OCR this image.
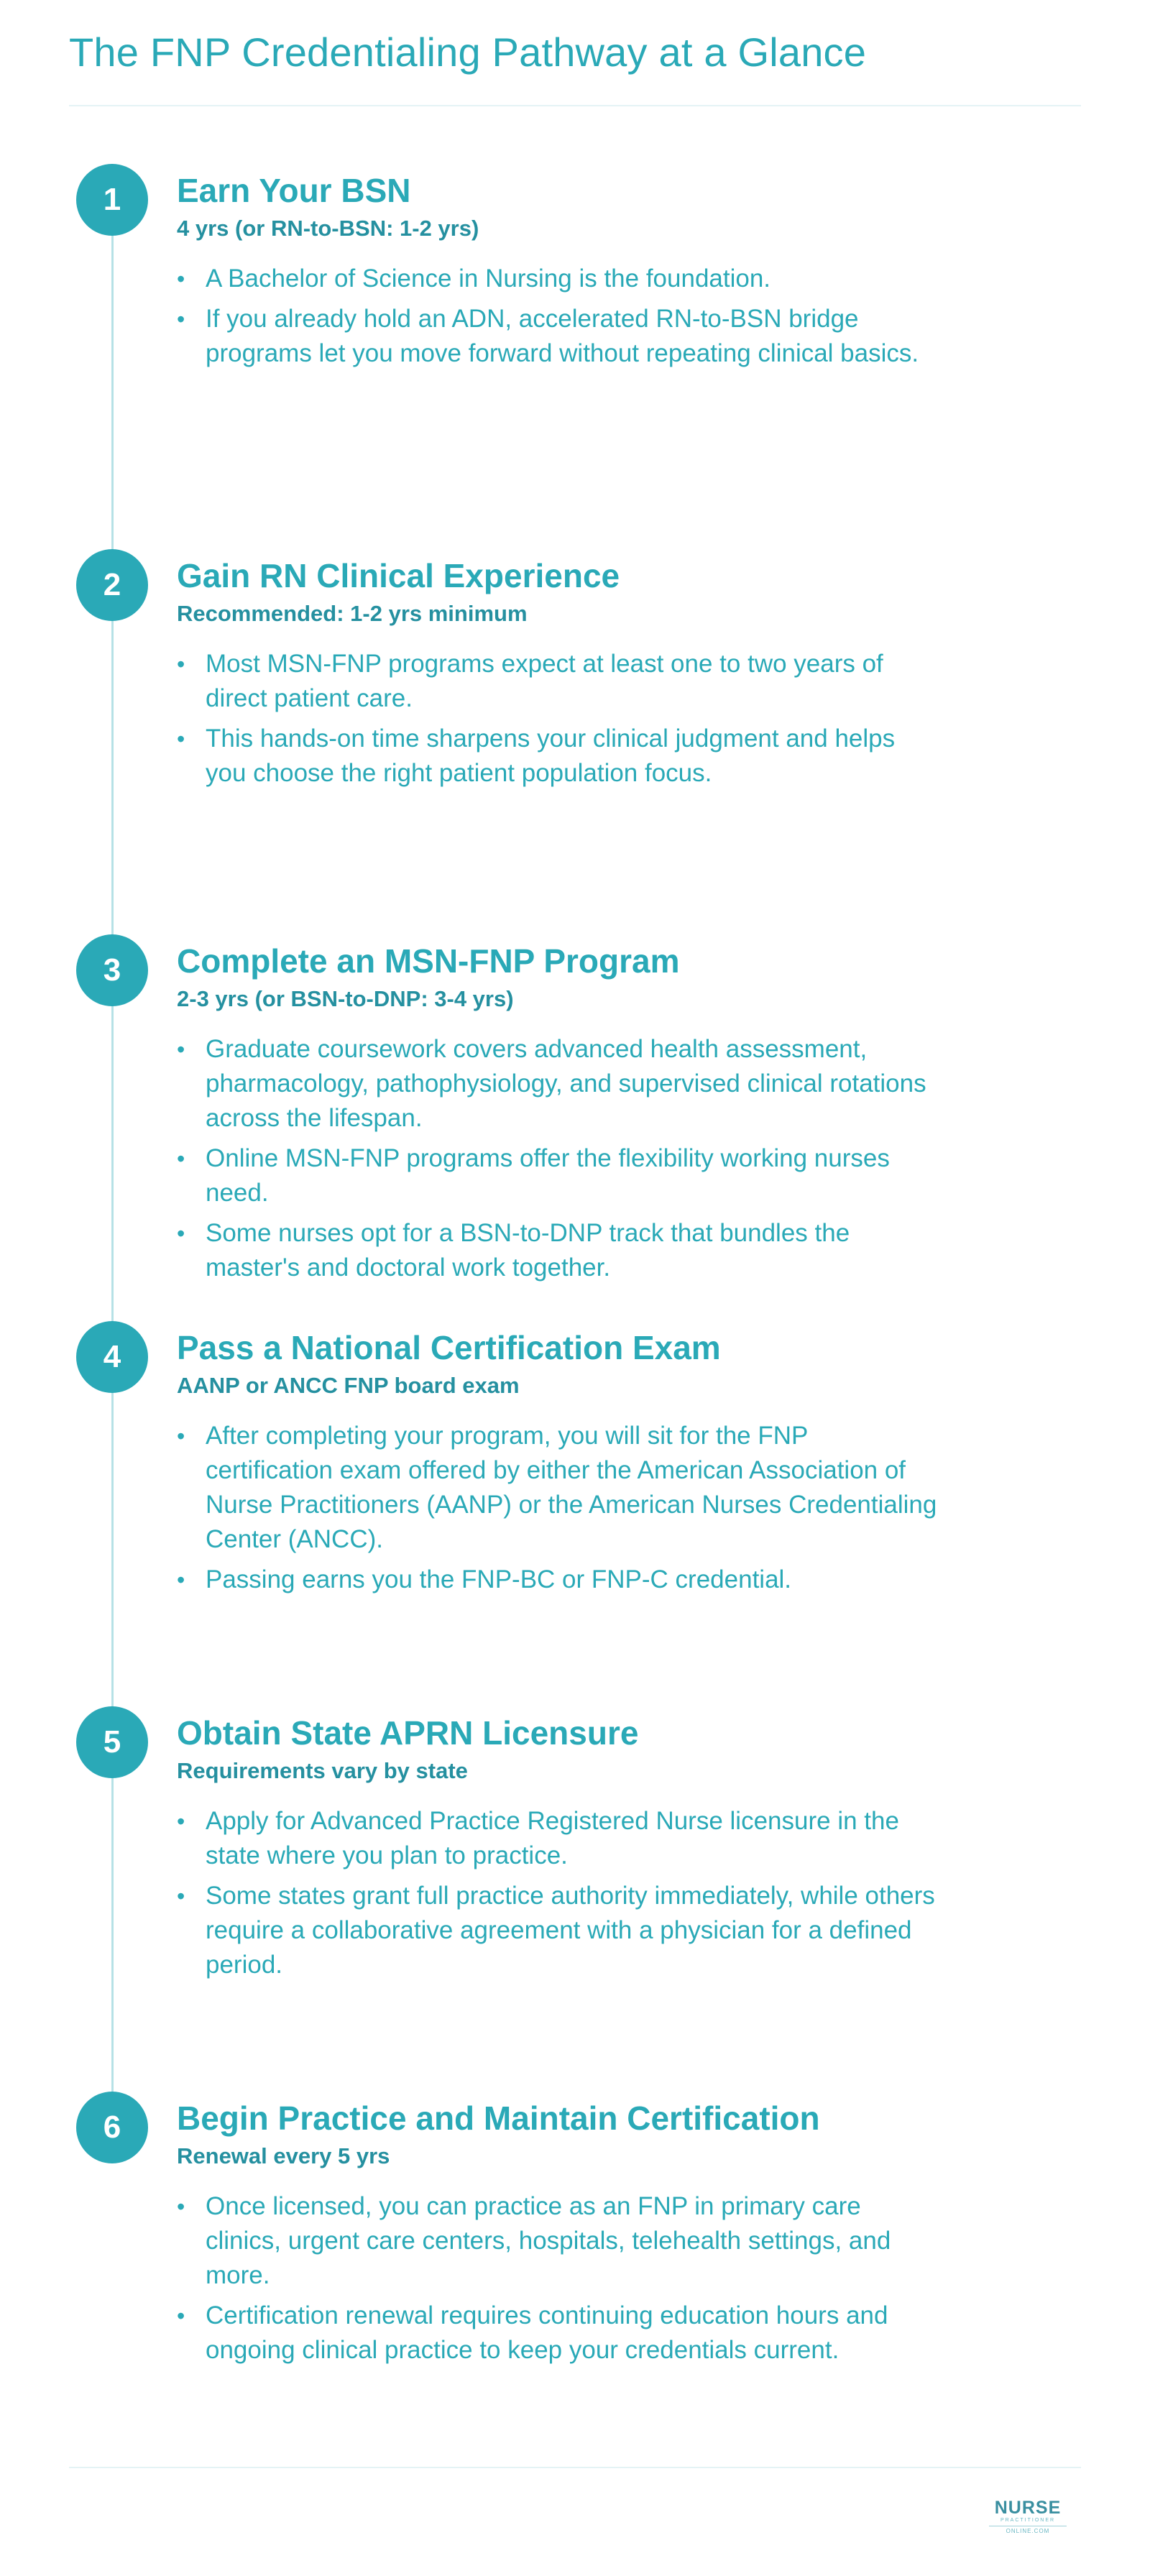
The FNP Credentialing Pathway at a Glance
1	Earn Your BSN

4 yrs (or RN-to-BSN: 1-2 yrs)

• A Bachelor of Science in Nursing is the foundation.
• If you already hold an ADN, accelerated RN-to-BSN bridge programs let you move forward without repeating clinical basics.
2	Gain RN Clinical Experience

Recommended: 1-2 yrs minimum

• Most MSN-FNP programs expect at least one to two years of direct patient care.
• This hands-on time sharpens your clinical judgment and helps you choose the right patient population focus.
3	Complete an MSN-FNP Program

2-3 yrs (or BSN-to-DNP: 3-4 yrs)

• Graduate coursework covers advanced health assessment, pharmacology, pathophysiology, and supervised clinical rotations across the lifespan.
• Online MSN-FNP programs offer the flexibility working nurses need.
• Some nurses opt for a BSN-to-DNP track that bundles the master's and doctoral work together.
4	Pass a National Certification Exam

AANP or ANCC FNP board exam

• After completing your program, you will sit for the FNP certification exam offered by either the American Association of Nurse Practitioners (AANP) or the American Nurses Credentialing Center (ANCC).
• Passing earns you the FNP-BC or FNP-C credential.
5	Obtain State APRN Licensure

Requirements vary by state

• Apply for Advanced Practice Registered Nurse licensure in the state where you plan to practice.
• Some states grant full practice authority immediately, while others require a collaborative agreement with a physician for a defined period.
6	Begin Practice and Maintain Certification

Renewal every 5 yrs

• Once licensed, you can practice as an FNP in primary care clinics, urgent care centers, hospitals, telehealth settings, and more.
• Certification renewal requires continuing education hours and ongoing clinical practice to keep your credentials current.
NURSE
PRACTITIONER
ONLINE.COM
